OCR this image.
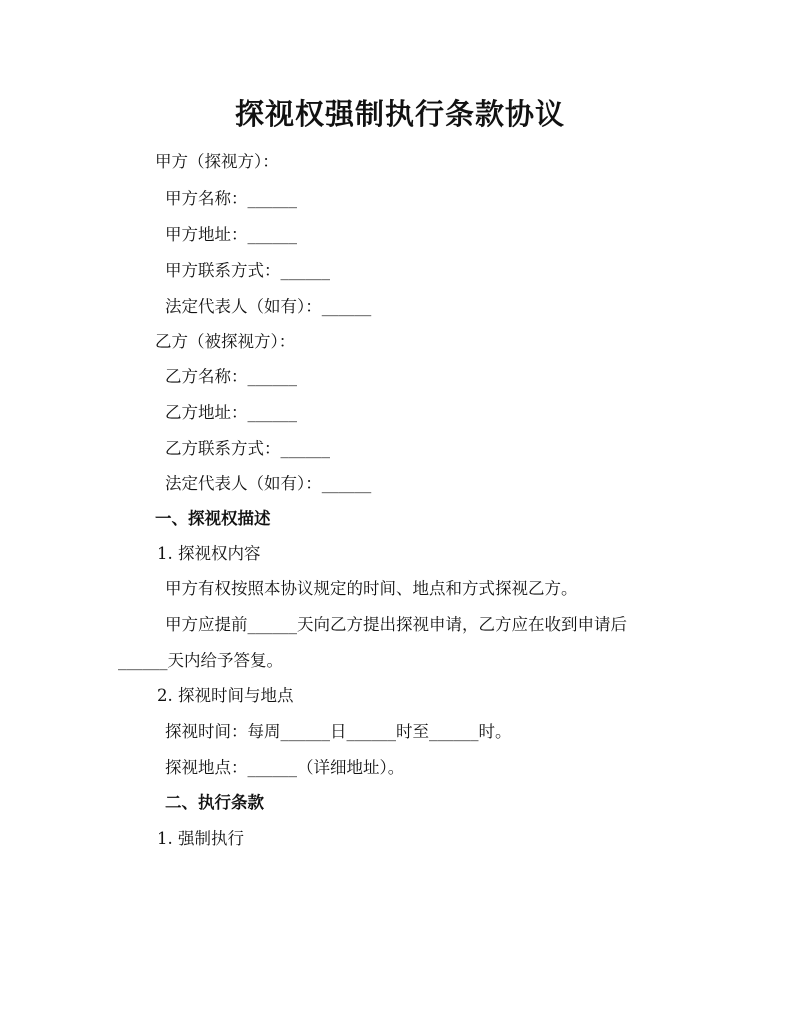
探视权强制执行条款协议
甲方（探视方）：
甲方名称：______
甲方地址：______
甲方联系方式：______
法定代表人（如有）：______
乙方（被探视方）：
乙方名称：______
乙方地址：______
乙方联系方式：______
法定代表人（如有）：______
一、探视权描述
1. 探视权内容
甲方有权按照本协议规定的时间、地点和方式探视乙方。
甲方应提前______天向乙方提出探视申请，乙方应在收到申请后
______天内给予答复。
2. 探视时间与地点
探视时间：每周______日______时至______时。
探视地点：______（详细地址）。
二、执行条款
1. 强制执行
